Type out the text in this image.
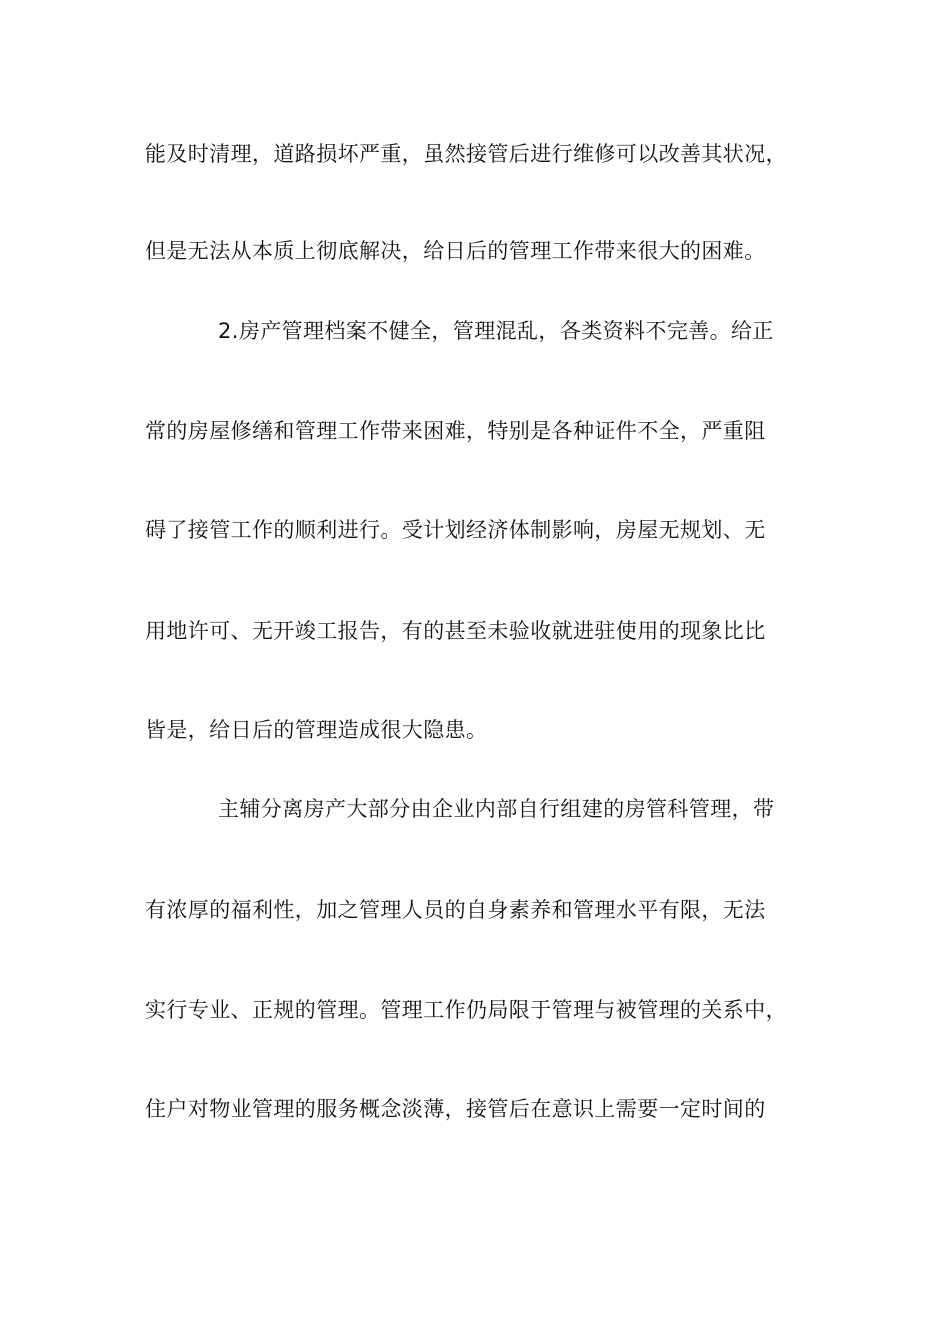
能及时清理，道路损坏严重，虽然接管后进行维修可以改善其状况，
但是无法从本质上彻底解决，给日后的管理工作带来很大的困难。
2.房产管理档案不健全，管理混乱，各类资料不完善。给正
常的房屋修缮和管理工作带来困难，特别是各种证件不全，严重阻
碍了接管工作的顺利进行。受计划经济体制影响，房屋无规划、无
用地许可、无开竣工报告，有的甚至未验收就进驻使用的现象比比
皆是，给日后的管理造成很大隐患。
主辅分离房产大部分由企业内部自行组建的房管科管理，带
有浓厚的福利性，加之管理人员的自身素养和管理水平有限，无法
实行专业、正规的管理。管理工作仍局限于管理与被管理的关系中，
住户对物业管理的服务概念淡薄，接管后在意识上需要一定时间的
